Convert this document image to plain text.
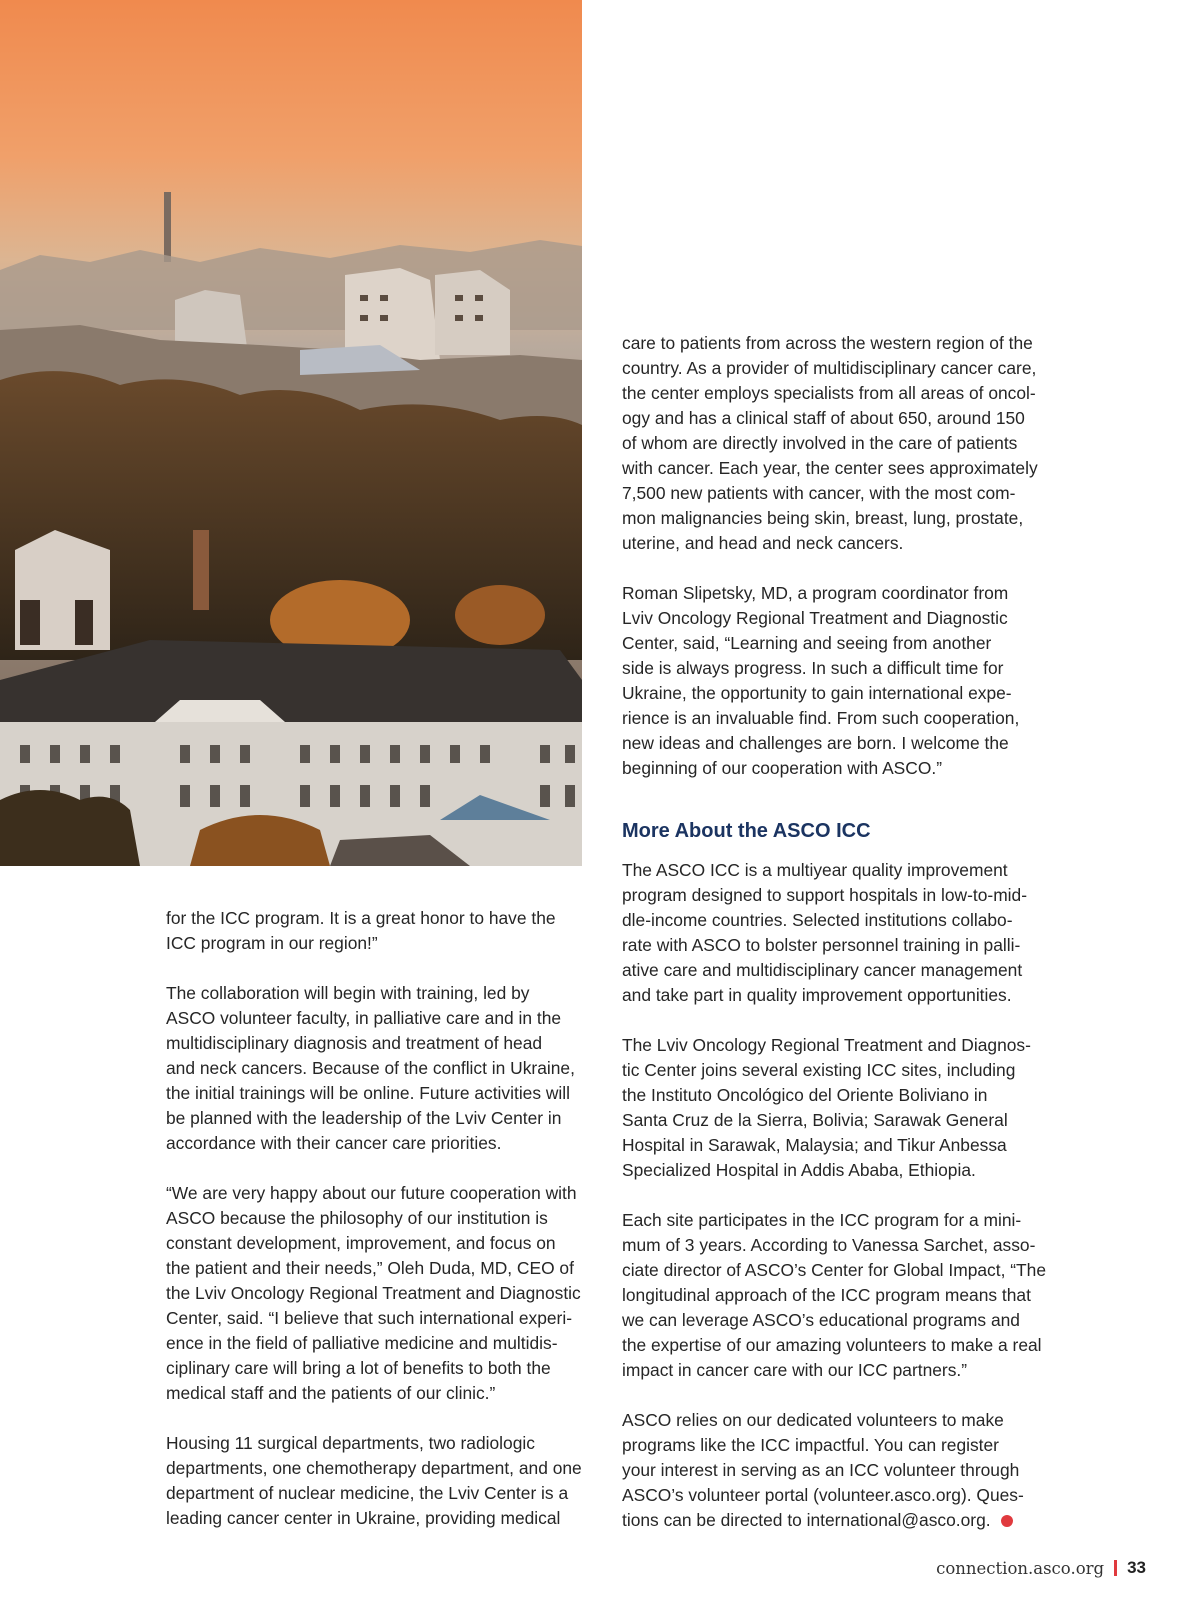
for the ICC program. It is a great honor to have the
ICC program in our region!”

The collaboration will begin with training, led by
ASCO volunteer faculty, in palliative care and in the
multidisciplinary diagnosis and treatment of head
and neck cancers. Because of the conflict in Ukraine,
the initial trainings will be online. Future activities will
be planned with the leadership of the Lviv Center in
accordance with their cancer care priorities.

“We are very happy about our future cooperation with
ASCO because the philosophy of our institution is
constant development, improvement, and focus on
the patient and their needs,” Oleh Duda, MD, CEO of
the Lviv Oncology Regional Treatment and Diagnostic
Center, said. “I believe that such international experi-
ence in the field of palliative medicine and multidis-
ciplinary care will bring a lot of benefits to both the
medical staff and the patients of our clinic.”

Housing 11 surgical departments, two radiologic
departments, one chemotherapy department, and one
department of nuclear medicine, the Lviv Center is a
leading cancer center in Ukraine, providing medical

care to patients from across the western region of the
country. As a provider of multidisciplinary cancer care,
the center employs specialists from all areas of oncol-
ogy and has a clinical staff of about 650, around 150
of whom are directly involved in the care of patients
with cancer. Each year, the center sees approximately
7,500 new patients with cancer, with the most com-
mon malignancies being skin, breast, lung, prostate,
uterine, and head and neck cancers.

Roman Slipetsky, MD, a program coordinator from
Lviv Oncology Regional Treatment and Diagnostic
Center, said, “Learning and seeing from another
side is always progress. In such a difficult time for
Ukraine, the opportunity to gain international expe-
rience is an invaluable find. From such cooperation,
new ideas and challenges are born. I welcome the
beginning of our cooperation with ASCO.”

More About the ASCO ICC

The ASCO ICC is a multiyear quality improvement
program designed to support hospitals in low-to-mid-
dle-income countries. Selected institutions collabo-
rate with ASCO to bolster personnel training in palli-
ative care and multidisciplinary cancer management
and take part in quality improvement opportunities.

The Lviv Oncology Regional Treatment and Diagnos-
tic Center joins several existing ICC sites, including
the Instituto Oncológico del Oriente Boliviano in
Santa Cruz de la Sierra, Bolivia; Sarawak General
Hospital in Sarawak, Malaysia; and Tikur Anbessa
Specialized Hospital in Addis Ababa, Ethiopia.

Each site participates in the ICC program for a mini-
mum of 3 years. According to Vanessa Sarchet, asso-
ciate director of ASCO’s Center for Global Impact, “The
longitudinal approach of the ICC program means that
we can leverage ASCO’s educational programs and
the expertise of our amazing volunteers to make a real
impact in cancer care with our ICC partners.”

ASCO relies on our dedicated volunteers to make
programs like the ICC impactful. You can register
your interest in serving as an ICC volunteer through
ASCO’s volunteer portal (volunteer.asco.org). Ques-
tions can be directed to international@asco.org.

connection.asco.org 33
